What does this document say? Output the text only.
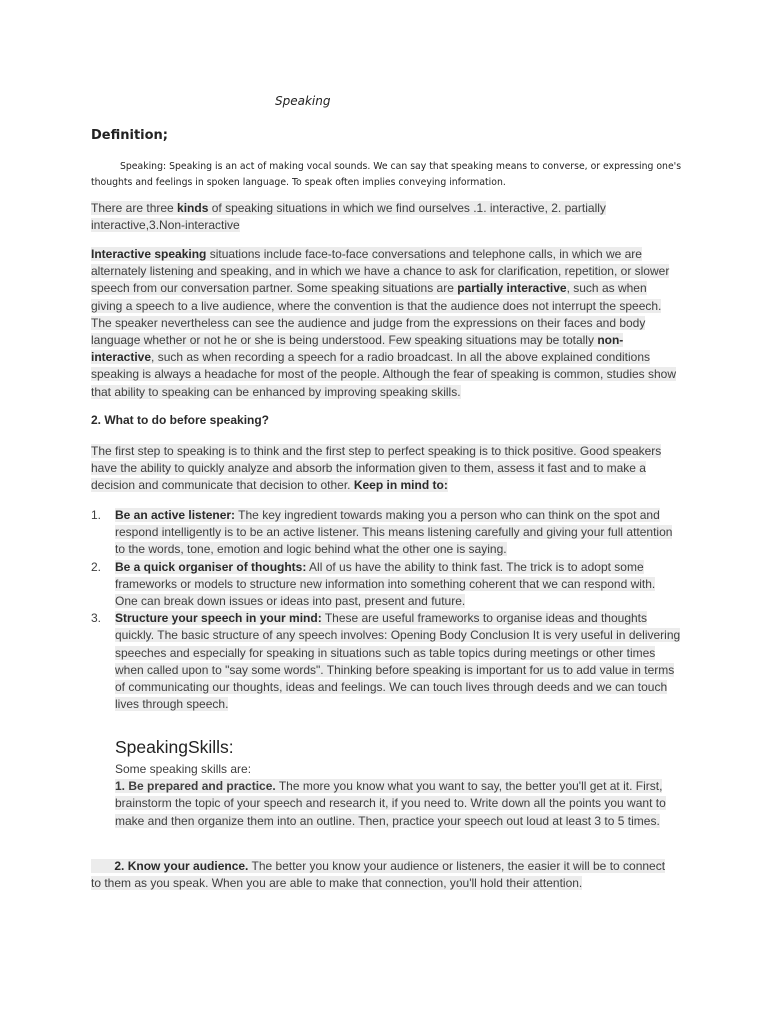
Speaking
Definition;
Speaking: Speaking is an act of making vocal sounds. We can say that speaking means to converse, or expressing one's thoughts and feelings in spoken language. To speak often implies conveying information.
There are three kinds of speaking situations in which we find ourselves .1. interactive, 2. partially interactive,3.Non-interactive
Interactive speaking situations include face-to-face conversations and telephone calls, in which we are alternately listening and speaking, and in which we have a chance to ask for clarification, repetition, or slower speech from our conversation partner. Some speaking situations are partially interactive, such as when giving a speech to a live audience, where the convention is that the audience does not interrupt the speech. The speaker nevertheless can see the audience and judge from the expressions on their faces and body language whether or not he or she is being understood. Few speaking situations may be totally non-interactive, such as when recording a speech for a radio broadcast. In all the above explained conditions speaking is always a headache for most of the people. Although the fear of speaking is common, studies show that ability to speaking can be enhanced by improving speaking skills.
2. What to do before speaking?
The first step to speaking is to think and the first step to perfect speaking is to thick positive. Good speakers have the ability to quickly analyze and absorb the information given to them, assess it fast and to make a decision and communicate that decision to other. Keep in mind to:
1. Be an active listener: The key ingredient towards making you a person who can think on the spot and respond intelligently is to be an active listener. This means listening carefully and giving your full attention to the words, tone, emotion and logic behind what the other one is saying.
2. Be a quick organiser of thoughts: All of us have the ability to think fast. The trick is to adopt some frameworks or models to structure new information into something coherent that we can respond with. One can break down issues or ideas into past, present and future.
3. Structure your speech in your mind: These are useful frameworks to organise ideas and thoughts quickly. The basic structure of any speech involves: Opening Body Conclusion It is very useful in delivering speeches and especially for speaking in situations such as table topics during meetings or other times when called upon to "say some words". Thinking before speaking is important for us to add value in terms of communicating our thoughts, ideas and feelings. We can touch lives through deeds and we can touch lives through speech.
SpeakingSkills:
Some speaking skills are:
1. Be prepared and practice. The more you know what you want to say, the better you'll get at it. First, brainstorm the topic of your speech and research it, if you need to. Write down all the points you want to make and then organize them into an outline. Then, practice your speech out loud at least 3 to 5 times.
2. Know your audience. The better you know your audience or listeners, the easier it will be to connect to them as you speak. When you are able to make that connection, you'll hold their attention.
